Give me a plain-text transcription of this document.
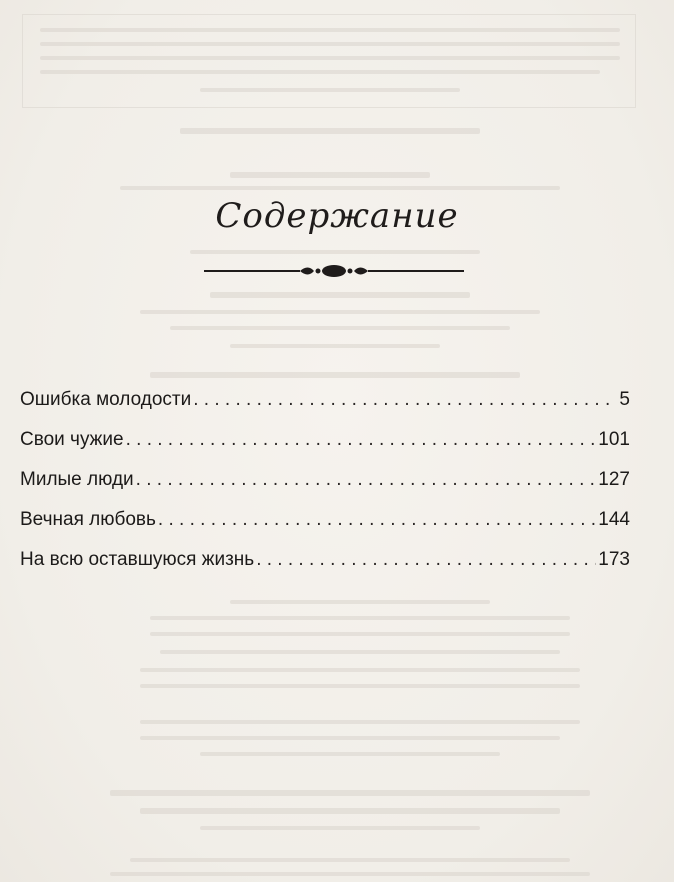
Содержание
Ошибка молодости . . .	5
Свои чужие . . .	101
Милые люди . . .	127
Вечная любовь . . .	144
На всю оставшуюся жизнь . . .	173
